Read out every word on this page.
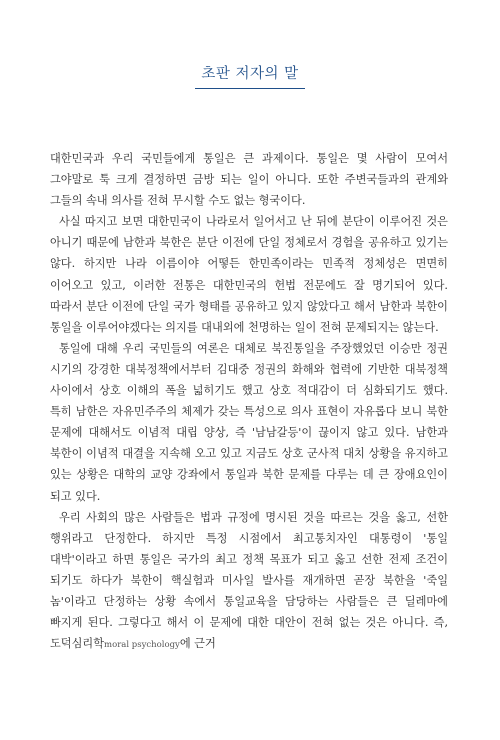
초판 저자의 말

대한민국과 우리 국민들에게 통일은 큰 과제이다. 통일은 몇 사람이 모여서 그야말로 툭 크게 결정하면 금방 되는 일이 아니다. 또한 주변국들과의 관계와 그들의 속내 의사를 전혀 무시할 수도 없는 형국이다.

사실 따지고 보면 대한민국이 나라로서 일어서고 난 뒤에 분단이 이루어진 것은 아니기 때문에 남한과 북한은 분단 이전에 단일 정체로서 경험을 공유하고 있기는 않다. 하지만 나라 이름이야 어떻든 한민족이라는 민족적 정체성은 면면히 이어오고 있고, 이러한 전통은 대한민국의 헌법 전문에도 잘 명기되어 있다. 따라서 분단 이전에 단일 국가 형태를 공유하고 있지 않았다고 해서 남한과 북한이 통일을 이루어야겠다는 의지를 대내외에 천명하는 일이 전혀 문제되지는 않는다.

통일에 대해 우리 국민들의 여론은 대체로 북진통일을 주장했었던 이승만 정권 시기의 강경한 대북정책에서부터 김대중 정권의 화해와 협력에 기반한 대북정책 사이에서 상호 이해의 폭을 넓히기도 했고 상호 적대감이 더 심화되기도 했다. 특히 남한은 자유민주주의 체제가 갖는 특성으로 의사 표현이 자유롭다 보니 북한 문제에 대해서도 이념적 대립 양상, 즉 '남남갈등'이 끊이지 않고 있다. 남한과 북한이 이념적 대결을 지속해 오고 있고 지금도 상호 군사적 대치 상황을 유지하고 있는 상황은 대학의 교양 강좌에서 통일과 북한 문제를 다루는 데 큰 장애요인이 되고 있다.

우리 사회의 많은 사람들은 법과 규정에 명시된 것을 따르는 것을 옳고, 선한 행위라고 단정한다. 하지만 특정 시점에서 최고통치자인 대통령이 '통일 대박'이라고 하면 통일은 국가의 최고 정책 목표가 되고 옳고 선한 전제 조건이 되기도 하다가 북한이 핵실험과 미사일 발사를 재개하면 곧장 북한을 '죽일 놈'이라고 단정하는 상황 속에서 통일교육을 담당하는 사람들은 큰 딜레마에 빠지게 된다. 그렇다고 해서 이 문제에 대한 대안이 전혀 없는 것은 아니다. 즉, 도덕심리학moral psychology에 근거
